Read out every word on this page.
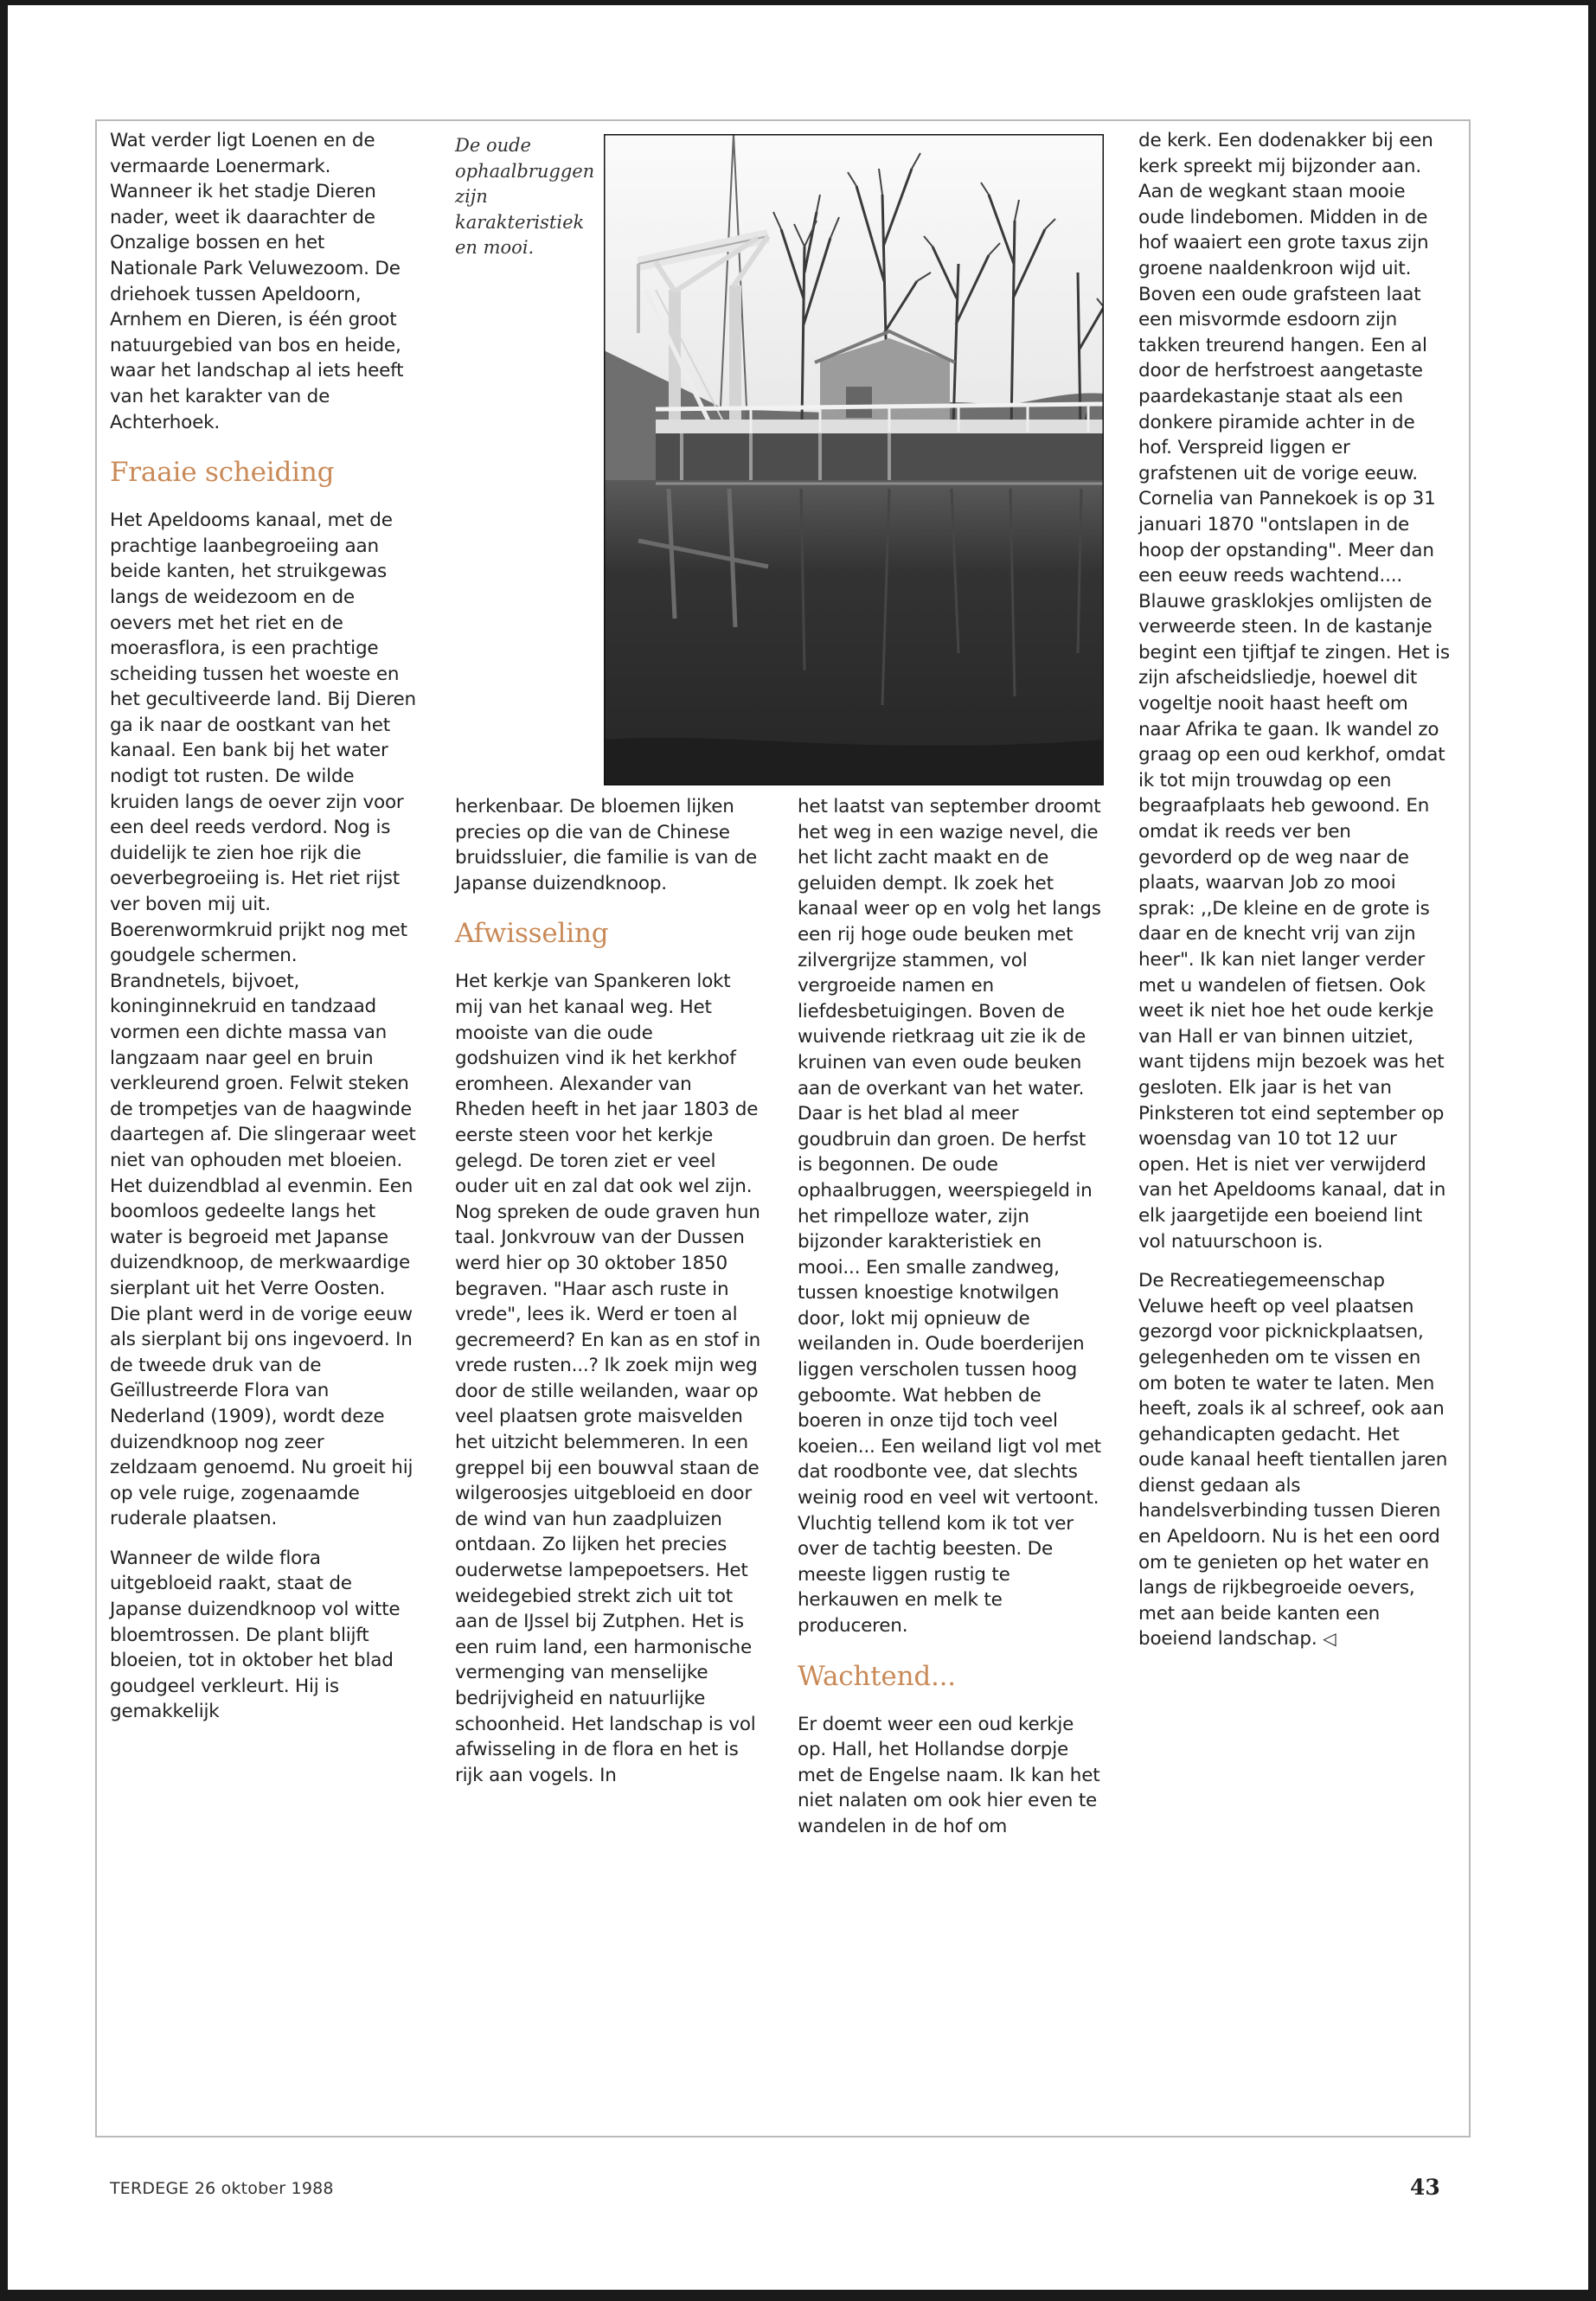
Wat verder ligt Loenen en de vermaarde Loenermark. Wanneer ik het stadje Dieren nader, weet ik daarachter de Onzalige bossen en het Nationale Park Veluwezoom. De driehoek tussen Apeldoorn, Arnhem en Dieren, is één groot natuurgebied van bos en heide, waar het landschap al iets heeft van het karakter van de Achterhoek.

Fraaie scheiding

Het Apeldooms kanaal, met de prachtige laanbegroeiing aan beide kanten, het struikgewas langs de weidezoom en de oevers met het riet en de moerasflora, is een prachtige scheiding tussen het woeste en het gecultiveerde land. Bij Dieren ga ik naar de oostkant van het kanaal. Een bank bij het water nodigt tot rusten. De wilde kruiden langs de oever zijn voor een deel reeds verdord. Nog is duidelijk te zien hoe rijk die oeverbegroeiing is. Het riet rijst ver boven mij uit. Boerenwormkruid prijkt nog met goudgele schermen. Brandnetels, bijvoet, koninginnekruid en tandzaad vormen een dichte massa van langzaam naar geel en bruin verkleurend groen. Felwit steken de trompetjes van de haagwinde daartegen af. Die slingeraar weet niet van ophouden met bloeien. Het duizendblad al evenmin. Een boomloos gedeelte langs het water is begroeid met Japanse duizendknoop, de merkwaardige sierplant uit het Verre Oosten. Die plant werd in de vorige eeuw als sierplant bij ons ingevoerd. In de tweede druk van de Geïllustreerde Flora van Nederland (1909), wordt deze duizendknoop nog zeer zeldzaam genoemd. Nu groeit hij op vele ruige, zogenaamde ruderale plaatsen.

Wanneer de wilde flora uitgebloeid raakt, staat de Japanse duizendknoop vol witte bloemtrossen. De plant blijft bloeien, tot in oktober het blad goudgeel verkleurt. Hij is gemakkelijk

De oude ophaalbruggen zijn karakteristiek en mooi.

herkenbaar. De bloemen lijken precies op die van de Chinese bruidssluier, die familie is van de Japanse duizendknoop.

Afwisseling

Het kerkje van Spankeren lokt mij van het kanaal weg. Het mooiste van die oude godshuizen vind ik het kerkhof eromheen. Alexander van Rheden heeft in het jaar 1803 de eerste steen voor het kerkje gelegd. De toren ziet er veel ouder uit en zal dat ook wel zijn. Nog spreken de oude graven hun taal. Jonkvrouw van der Dussen werd hier op 30 oktober 1850 begraven. "Haar asch ruste in vrede", lees ik. Werd er toen al gecremeerd? En kan as en stof in vrede rusten...? Ik zoek mijn weg door de stille weilanden, waar op veel plaatsen grote maisvelden het uitzicht belemmeren. In een greppel bij een bouwval staan de wilgeroosjes uitgebloeid en door de wind van hun zaadpluizen ontdaan. Zo lijken het precies ouderwetse lampepoetsers. Het weidegebied strekt zich uit tot aan de IJssel bij Zutphen. Het is een ruim land, een harmonische vermenging van menselijke bedrijvigheid en natuurlijke schoonheid. Het landschap is vol afwisseling in de flora en het is rijk aan vogels. In

het laatst van september droomt het weg in een wazige nevel, die het licht zacht maakt en de geluiden dempt. Ik zoek het kanaal weer op en volg het langs een rij hoge oude beuken met zilvergrijze stammen, vol vergroeide namen en liefdesbetuigingen. Boven de wuivende rietkraag uit zie ik de kruinen van even oude beuken aan de overkant van het water. Daar is het blad al meer goudbruin dan groen. De herfst is begonnen. De oude ophaalbruggen, weerspiegeld in het rimpelloze water, zijn bijzonder karakteristiek en mooi... Een smalle zandweg, tussen knoestige knotwilgen door, lokt mij opnieuw de weilanden in. Oude boerderijen liggen verscholen tussen hoog geboomte. Wat hebben de boeren in onze tijd toch veel koeien... Een weiland ligt vol met dat roodbonte vee, dat slechts weinig rood en veel wit vertoont. Vluchtig tellend kom ik tot ver over de tachtig beesten. De meeste liggen rustig te herkauwen en melk te produceren.

Wachtend...

Er doemt weer een oud kerkje op. Hall, het Hollandse dorpje met de Engelse naam. Ik kan het niet nalaten om ook hier even te wandelen in de hof om

de kerk. Een dodenakker bij een kerk spreekt mij bijzonder aan. Aan de wegkant staan mooie oude lindebomen. Midden in de hof waaiert een grote taxus zijn groene naaldenkroon wijd uit. Boven een oude grafsteen laat een misvormde esdoorn zijn takken treurend hangen. Een al door de herfstroest aangetaste paardekastanje staat als een donkere piramide achter in de hof. Verspreid liggen er grafstenen uit de vorige eeuw. Cornelia van Pannekoek is op 31 januari 1870 "ontslapen in de hoop der opstanding". Meer dan een eeuw reeds wachtend.... Blauwe grasklokjes omlijsten de verweerde steen. In de kastanje begint een tjiftjaf te zingen. Het is zijn afscheidsliedje, hoewel dit vogeltje nooit haast heeft om naar Afrika te gaan. Ik wandel zo graag op een oud kerkhof, omdat ik tot mijn trouwdag op een begraafplaats heb gewoond. En omdat ik reeds ver ben gevorderd op de weg naar de plaats, waarvan Job zo mooi sprak: ,,De kleine en de grote is daar en de knecht vrij van zijn heer". Ik kan niet langer verder met u wandelen of fietsen. Ook weet ik niet hoe het oude kerkje van Hall er van binnen uitziet, want tijdens mijn bezoek was het gesloten. Elk jaar is het van Pinksteren tot eind september op woensdag van 10 tot 12 uur open. Het is niet ver verwijderd van het Apeldooms kanaal, dat in elk jaargetijde een boeiend lint vol natuurschoon is.

De Recreatiegemeenschap Veluwe heeft op veel plaatsen gezorgd voor picknickplaatsen, gelegenheden om te vissen en om boten te water te laten. Men heeft, zoals ik al schreef, ook aan gehandicapten gedacht. Het oude kanaal heeft tientallen jaren dienst gedaan als handelsverbinding tussen Dieren en Apeldoorn. Nu is het een oord om te genieten op het water en langs de rijkbegroeide oevers, met aan beide kanten een boeiend landschap. ◁

TERDEGE 26 oktober 1988	43
